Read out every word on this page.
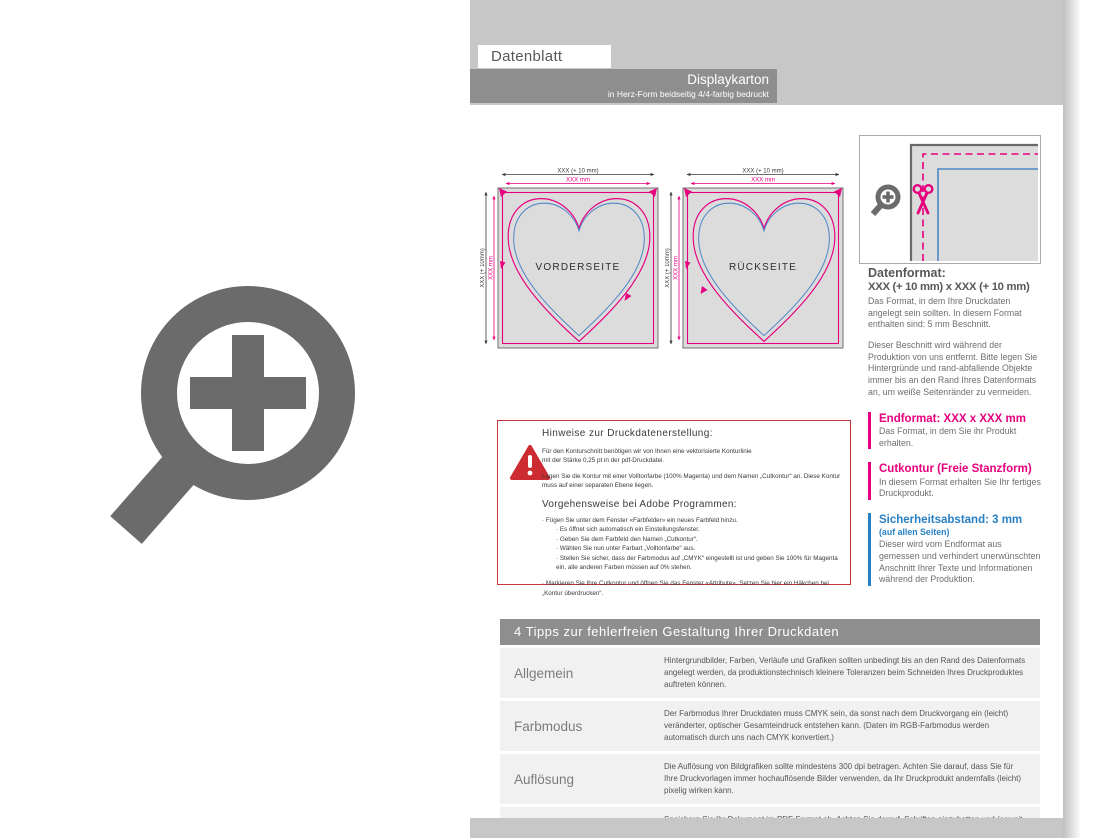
Datenblatt
Displaykarton
in Herz-Form beidseitig 4/4-farbig bedruckt
XXX (+ 10 mm)
XXX mm
XXX (+ 10mm) XXX mm	VORDERSEITE
XXX (+ 10 mm)
XXX mm
XXX (+ 10mm) XXX mm	RÜCKSEITE	Datenformat:
XXX (+ 10 mm) x XXX (+ 10 mm)

Das Format, in dem Ihre Druckdaten angelegt sein sollten. In diesem Format enthalten sind: 5 mm Beschnitt.

Dieser Beschnitt wird während der Produktion von uns entfernt. Bitte legen Sie Hintergründe und rand-abfallende Objekte immer bis an den Rand Ihres Datenformats an, um weiße Seitenränder zu vermeiden.

Endformat: XXX x XXX mm

Das Format, in dem Sie ihr Produkt erhalten.

Cutkontur (Freie Stanzform)

In diesem Format erhalten Sie Ihr fertiges Druckprodukt.

Sicherheitsabstand: 3 mm
(auf allen Seiten)

Dieser wird vom Endformat aus gemessen und verhindert unerwünschten Anschnitt Ihrer Texte und Informationen während der Produktion.

Hinweise zur Druckdatenerstellung:

Für den Konturschnitt benötigen wir von Ihnen eine vektorisierte Konturlinie mit der Stärke 0,25 pt in der pdf-Druckdatei.

Legen Sie die Kontur mit einer Volltonfarbe (100% Magenta) und dem Namen „Cutkontur“ an. Diese Kontur muss auf einer separaten Ebene liegen.

Vorgehensweise bei Adobe Programmen:
· Fügen Sie unter dem Fenster «Farbfelder» ein neues Farbfeld hinzu.
· Es öffnet sich automatisch ein Einstellungsfenster.
· Geben Sie dem Farbfeld den Namen „Cutkontur“.
· Wählen Sie nun unter Farbart „Volltonfarbe“ aus.
· Stellen Sie sicher, dass der Farbmodus auf „CMYK“ eingestellt ist und geben Sie 100% für Magenta ein, alle anderen Farben müssen auf 0% stehen.
· Markieren Sie Ihre Cutkontur und öffnen Sie das Fenster «Attribute». Setzen Sie hier ein Häkchen bei „Kontur überdrucken“.
4 Tipps zur fehlerfreien Gestaltung Ihrer Druckdaten
Allgemein
Hintergrundbilder, Farben, Verläufe und Grafiken sollten unbedingt bis an den Rand des Datenformats angelegt werden, da produktionstechnisch kleinere Toleranzen beim Schneiden Ihres Druckproduktes auftreten können.
Farbmodus
Der Farbmodus Ihrer Druckdaten muss CMYK sein, da sonst nach dem Druckvorgang ein (leicht) veränderter, optischer Gesamteindruck entstehen kann. (Daten im RGB-Farbmodus werden automatisch durch uns nach CMYK konvertiert.)
Auflösung
Die Auflösung von Bildgrafiken sollte mindestens 300 dpi betragen. Achten Sie darauf, dass Sie für Ihre Druckvorlagen immer hochauflösende Bilder verwenden, da Ihr Druckprodukt andernfalls (leicht) pixelig wirken kann.
